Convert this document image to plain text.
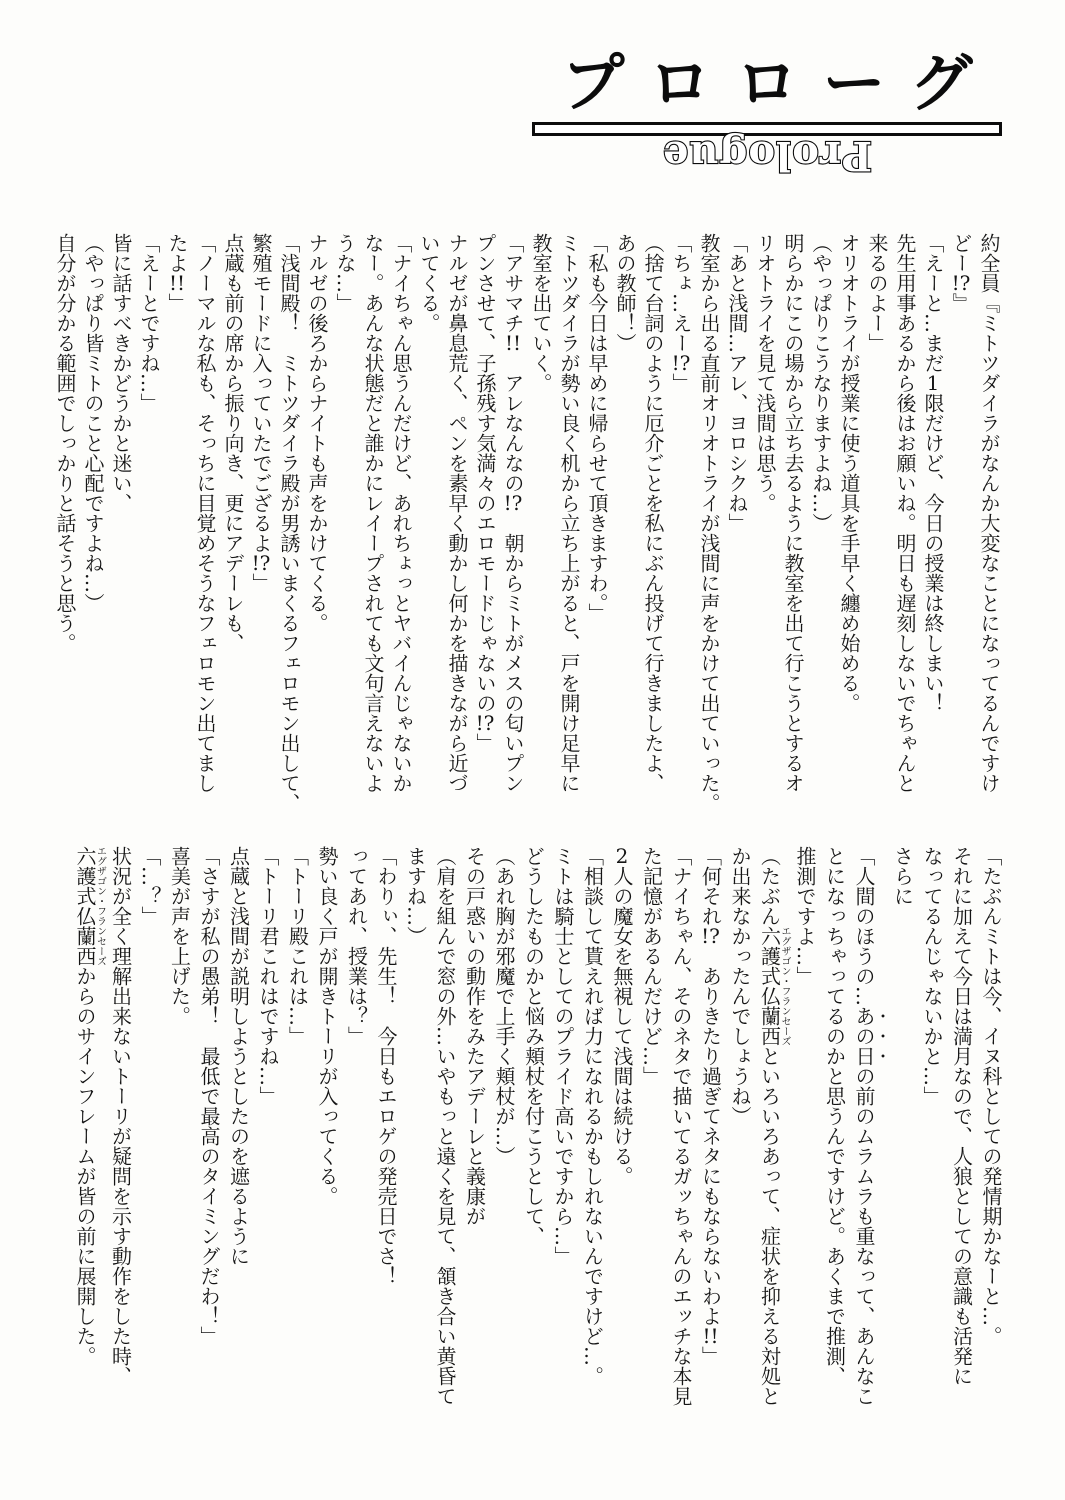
プロローグ
Prologue

約全員『ミトツダイラがなんか大変なことになってるんですけ

どー!?』

「えーと…まだ1限だけど、今日の授業は終しまい！

先生用事あるから後はお願いね。明日も遅刻しないでちゃんと

来るのよー」

オリオトライが授業に使う道具を手早く纏め始める。

（やっぱりこうなりますよね…）

明らかにこの場から立ち去るように教室を出て行こうとするオ

リオトライを見て浅間は思う。

「あと浅間…アレ、ヨロシクね」

教室から出る直前オリオトライが浅間に声をかけて出ていった。

「ちょ…えー!?」

（捨て台詞のように厄介ごとを私にぶん投げて行きましたよ、

あの教師！）

「私も今日は早めに帰らせて頂きますわ。」

ミトツダイラが勢い良く机から立ち上がると、戸を開け足早に

教室を出ていく。

「アサマチ!!　アレなんなの!?　朝からミトがメスの匂いプン

プンさせて、子孫残す気満々のエロモードじゃないの!?」

ナルゼが鼻息荒く、ペンを素早く動かし何かを描きながら近づ

いてくる。

「ナイちゃん思うんだけど、あれちょっとヤバイんじゃないか

なー。あんな状態だと誰かにレイープされても文句言えないよ

うな…」

ナルゼの後ろからナイトも声をかけてくる。

「浅間殿！　ミトツダイラ殿が男誘いまくるフェロモン出して、

繁殖モードに入っていたでござるよ!?」

点蔵も前の席から振り向き、更にアデーレも、

「ノーマルな私も、そっちに目覚めそうなフェロモン出てまし

たよ!!」

「えーとですね…」

皆に話すべきかどうかと迷い、

（やっぱり皆ミトのこと心配ですよね…）

自分が分かる範囲でしっかりと話そうと思う。

「たぶんミトは今、イヌ科としての発情期かなーと…。

それに加えて今日は満月なので、人狼としての意識も活発に

なってるんじゃないかと…」

さらに

「人間のほうの…あの日の前のムラムラも重なって、あんなこ

とになっちゃってるのかと思うんですけど。あくまで推測、

推測ですよ…」

（たぶん六護式仏蘭西エグザゴン・フランセーズといろいろあって、症状を抑える対処と

か出来なかったんでしょうね）

「何それ!?　ありきたり過ぎてネタにもならないわよ!!」

「ナイちゃん、そのネタで描いてるガッちゃんのエッチな本見

た記憶があるんだけど…」

2人の魔女を無視して浅間は続ける。

「相談して貰えれば力になれるかもしれないんですけど…。

ミトは騎士としてのプライド高いですから…」

どうしたものかと悩み頬杖を付こうとして、

（あれ胸が邪魔で上手く頬杖が…）

その戸惑いの動作をみたアデーレと義康が

（肩を組んで窓の外…いやもっと遠くを見て、頷き合い黄昏て

ますね…）

「わりぃ、先生！　今日もエロゲの発売日でさ！

ってあれ、授業は？」

勢い良く戸が開きトーリが入ってくる。

「トーリ殿これは…」

「トーリ君これはですね…」

点蔵と浅間が説明しようとしたのを遮るように

「さすが私の愚弟！　最低で最高のタイミングだわ！」

喜美が声を上げた。

「…？」

状況が全く理解出来ないトーリが疑問を示す動作をした時、

六護式仏蘭西エグザゴン・フランセーズからのサインフレームが皆の前に展開した。
